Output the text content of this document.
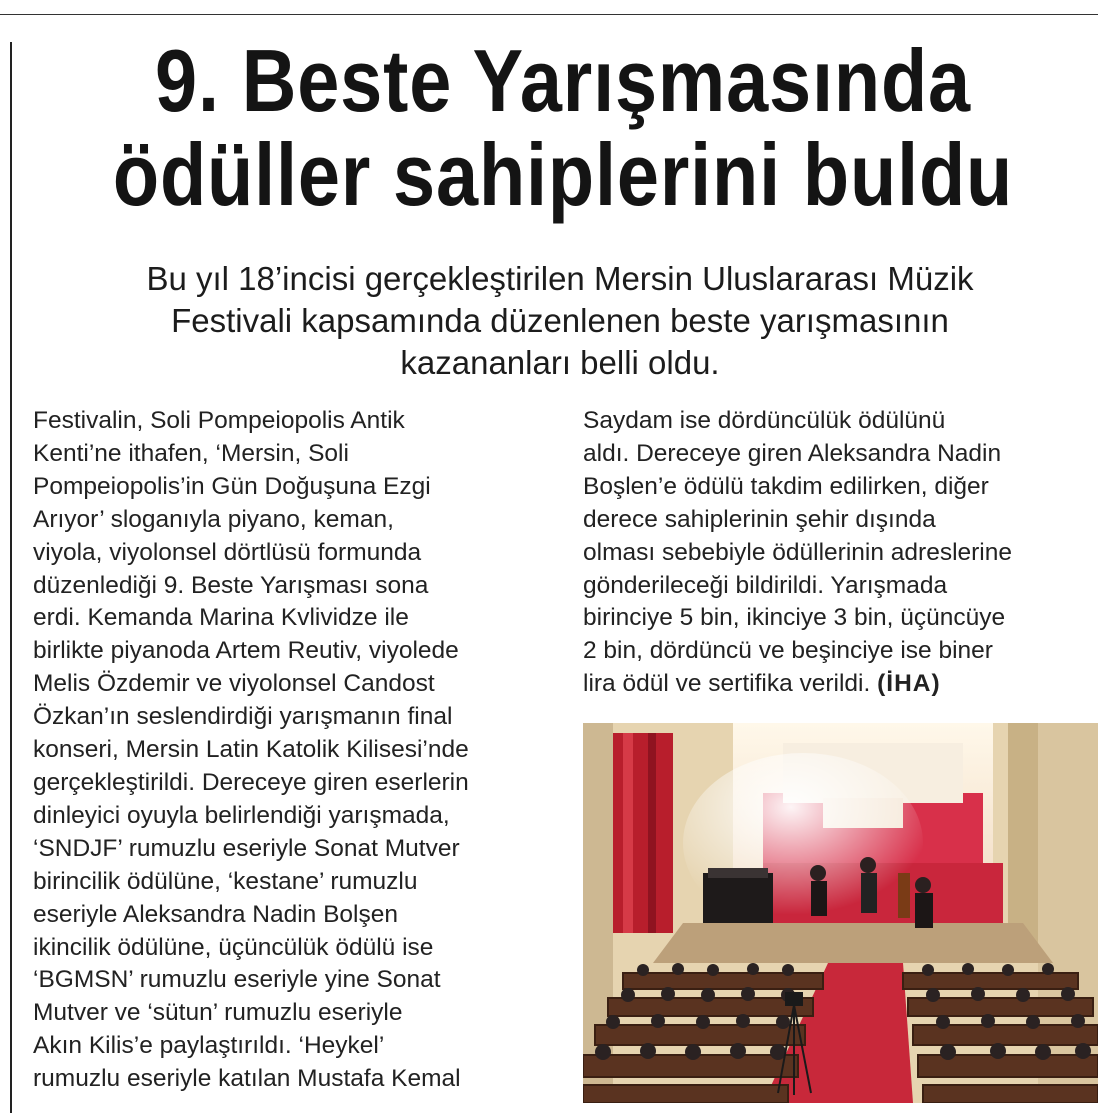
9. Beste Yarışmasında
ödüller sahiplerini buldu

Bu yıl 18’incisi gerçekleştirilen Mersin Uluslararası Müzik
Festivali kapsamında düzenlenen beste yarışmasının
kazananları belli oldu.

Festivalin, Soli Pompeiopolis Antik
Kenti’ne ithafen, ‘Mersin, Soli
Pompeiopolis’in Gün Doğuşuna Ezgi
Arıyor’ sloganıyla piyano, keman,
viyola, viyolonsel dörtlüsü formunda
düzenlediği 9. Beste Yarışması sona
erdi. Kemanda Marina Kvlividze ile
birlikte piyanoda Artem Reutiv, viyolede
Melis Özdemir ve viyolonsel Candost
Özkan’ın seslendirdiği yarışmanın final
konseri, Mersin Latin Katolik Kilisesi’nde
gerçekleştirildi. Dereceye giren eserlerin
dinleyici oyuyla belirlendiği yarışmada,
‘SNDJF’ rumuzlu eseriyle Sonat Mutver
birincilik ödülüne, ‘kestane’ rumuzlu
eseriyle Aleksandra Nadin Bolşen
ikincilik ödülüne, üçüncülük ödülü ise
‘BGMSN’ rumuzlu eseriyle yine Sonat
Mutver ve ‘sütun’ rumuzlu eseriyle
Akın Kilis’e paylaştırıldı. ‘Heykel’
rumuzlu eseriyle katılan Mustafa Kemal
Saydam ise dördüncülük ödülünü
aldı. Dereceye giren Aleksandra Nadin
Boşlen’e ödülü takdim edilirken, diğer
derece sahiplerinin şehir dışında
olması sebebiyle ödüllerinin adreslerine
gönderileceği bildirildi. Yarışmada
birinciye 5 bin, ikinciye 3 bin, üçüncüye
2 bin, dördüncü ve beşinciye ise biner
lira ödül ve sertifika verildi. (İHA)
